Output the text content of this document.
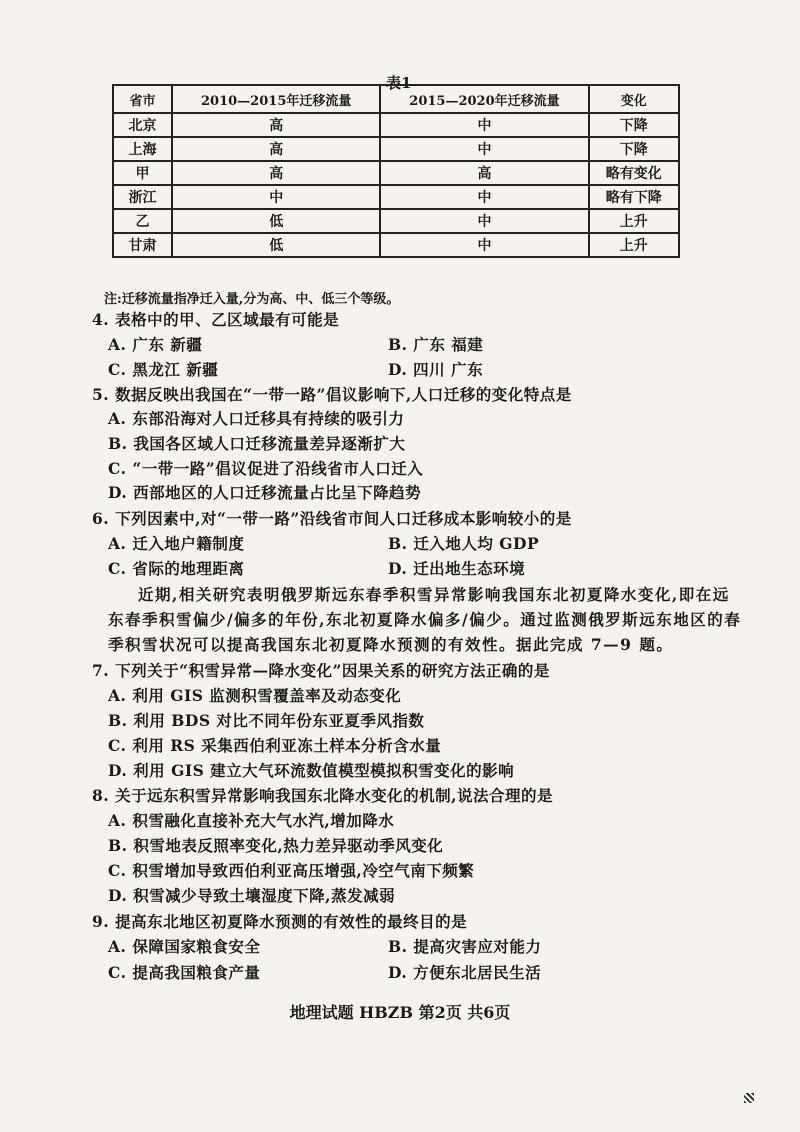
表1
省市	2010—2015年迁移流量	2015—2020年迁移流量	变化
北京	高	中	下降
上海	高	中	下降
甲	高	高	略有变化
浙江	中	中	略有下降
乙	低	中	上升
甘肃	低	中	上升
注:迁移流量指净迁入量,分为高、中、低三个等级。
4. 表格中的甲、乙区域最有可能是
A. 广东 新疆	B. 广东 福建
C. 黑龙江 新疆	D. 四川 广东
5. 数据反映出我国在“一带一路”倡议影响下,人口迁移的变化特点是
A. 东部沿海对人口迁移具有持续的吸引力
B. 我国各区域人口迁移流量差异逐渐扩大
C. “一带一路”倡议促进了沿线省市人口迁入
D. 西部地区的人口迁移流量占比呈下降趋势
6. 下列因素中,对“一带一路”沿线省市间人口迁移成本影响较小的是
A. 迁入地户籍制度	B. 迁入地人均 GDP
C. 省际的地理距离	D. 迁出地生态环境
近期,相关研究表明俄罗斯远东春季积雪异常影响我国东北初夏降水变化,即在远
东春季积雪偏少/偏多的年份,东北初夏降水偏多/偏少。通过监测俄罗斯远东地区的春
季积雪状况可以提高我国东北初夏降水预测的有效性。据此完成 7—9 题。
7. 下列关于“积雪异常—降水变化”因果关系的研究方法正确的是
A. 利用 GIS 监测积雪覆盖率及动态变化
B. 利用 BDS 对比不同年份东亚夏季风指数
C. 利用 RS 采集西伯利亚冻土样本分析含水量
D. 利用 GIS 建立大气环流数值模型模拟积雪变化的影响
8. 关于远东积雪异常影响我国东北降水变化的机制,说法合理的是
A. 积雪融化直接补充大气水汽,增加降水
B. 积雪地表反照率变化,热力差异驱动季风变化
C. 积雪增加导致西伯利亚高压增强,冷空气南下频繁
D. 积雪减少导致土壤湿度下降,蒸发减弱
9. 提高东北地区初夏降水预测的有效性的最终目的是
A. 保障国家粮食安全	B. 提高灾害应对能力
C. 提高我国粮食产量	D. 方便东北居民生活
地理试题 HBZB 第2页 共6页
